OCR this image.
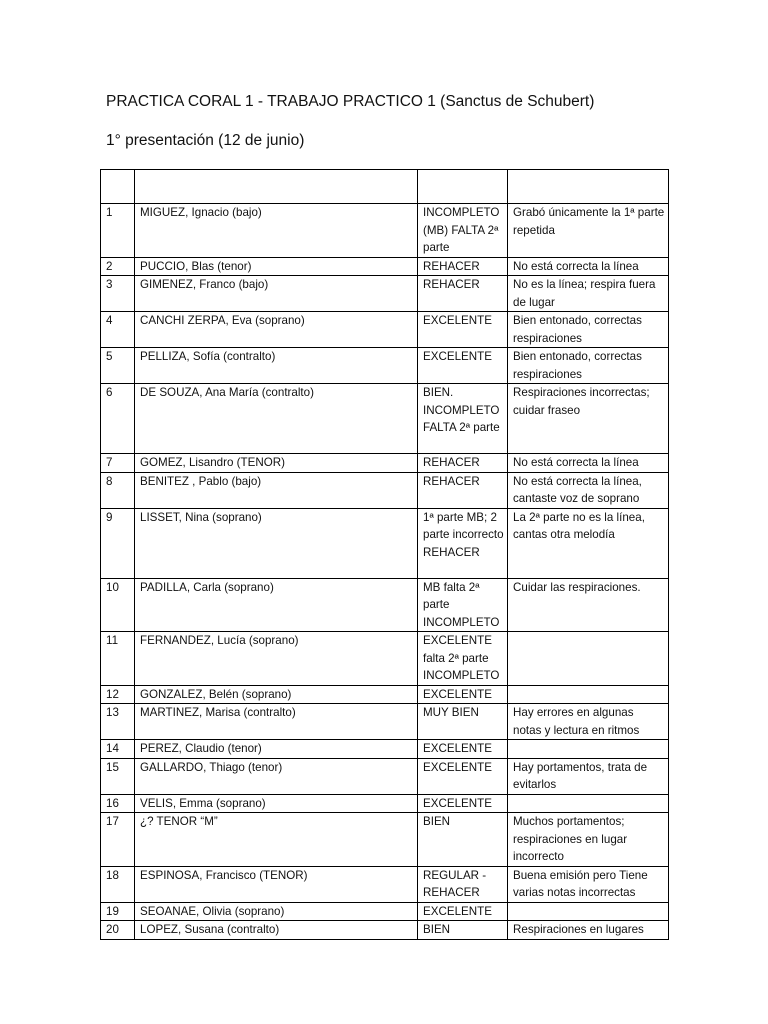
PRACTICA CORAL 1 - TRABAJO PRACTICO 1 (Sanctus de Schubert)
1° presentación (12 de junio)

1	MIGUEZ, Ignacio (bajo)	INCOMPLETO (MB) FALTA 2ª parte	Grabó únicamente la 1ª parte repetida
2	PUCCIO, Blas (tenor)	REHACER	No está correcta la línea
3	GIMENEZ, Franco (bajo)	REHACER	No es la línea; respira fuera de lugar
4	CANCHI ZERPA, Eva (soprano)	EXCELENTE	Bien entonado, correctas respiraciones
5	PELLIZA, Sofía (contralto)	EXCELENTE	Bien entonado, correctas respiraciones
6	DE SOUZA, Ana María (contralto)	BIEN. INCOMPLETO FALTA 2ª parte	Respiraciones incorrectas; cuidar fraseo
7	GOMEZ, Lisandro (TENOR)	REHACER	No está correcta la línea
8	BENITEZ , Pablo (bajo)	REHACER	No está correcta la línea, cantaste voz de soprano
9	LISSET, Nina (soprano)	1ª parte MB; 2 parte incorrecto REHACER	La 2ª parte no es la línea, cantas otra melodía
10	PADILLA, Carla (soprano)	MB falta 2ª parte INCOMPLETO	Cuidar las respiraciones.
11	FERNANDEZ, Lucía (soprano)	EXCELENTE falta 2ª parte INCOMPLETO	
12	GONZALEZ, Belén (soprano)	EXCELENTE	
13	MARTINEZ, Marisa (contralto)	MUY BIEN	Hay errores en algunas notas y lectura en ritmos
14	PEREZ, Claudio (tenor)	EXCELENTE	
15	GALLARDO, Thiago (tenor)	EXCELENTE	Hay portamentos, trata de evitarlos
16	VELIS, Emma (soprano)	EXCELENTE	
17	¿? TENOR “M”	BIEN	Muchos portamentos; respiraciones en lugar incorrecto
18	ESPINOSA, Francisco (TENOR)	REGULAR - REHACER	Buena emisión pero Tiene varias notas incorrectas
19	SEOANAE, Olivia (soprano)	EXCELENTE	
20	LOPEZ, Susana (contralto)	BIEN	Respiraciones en lugares
